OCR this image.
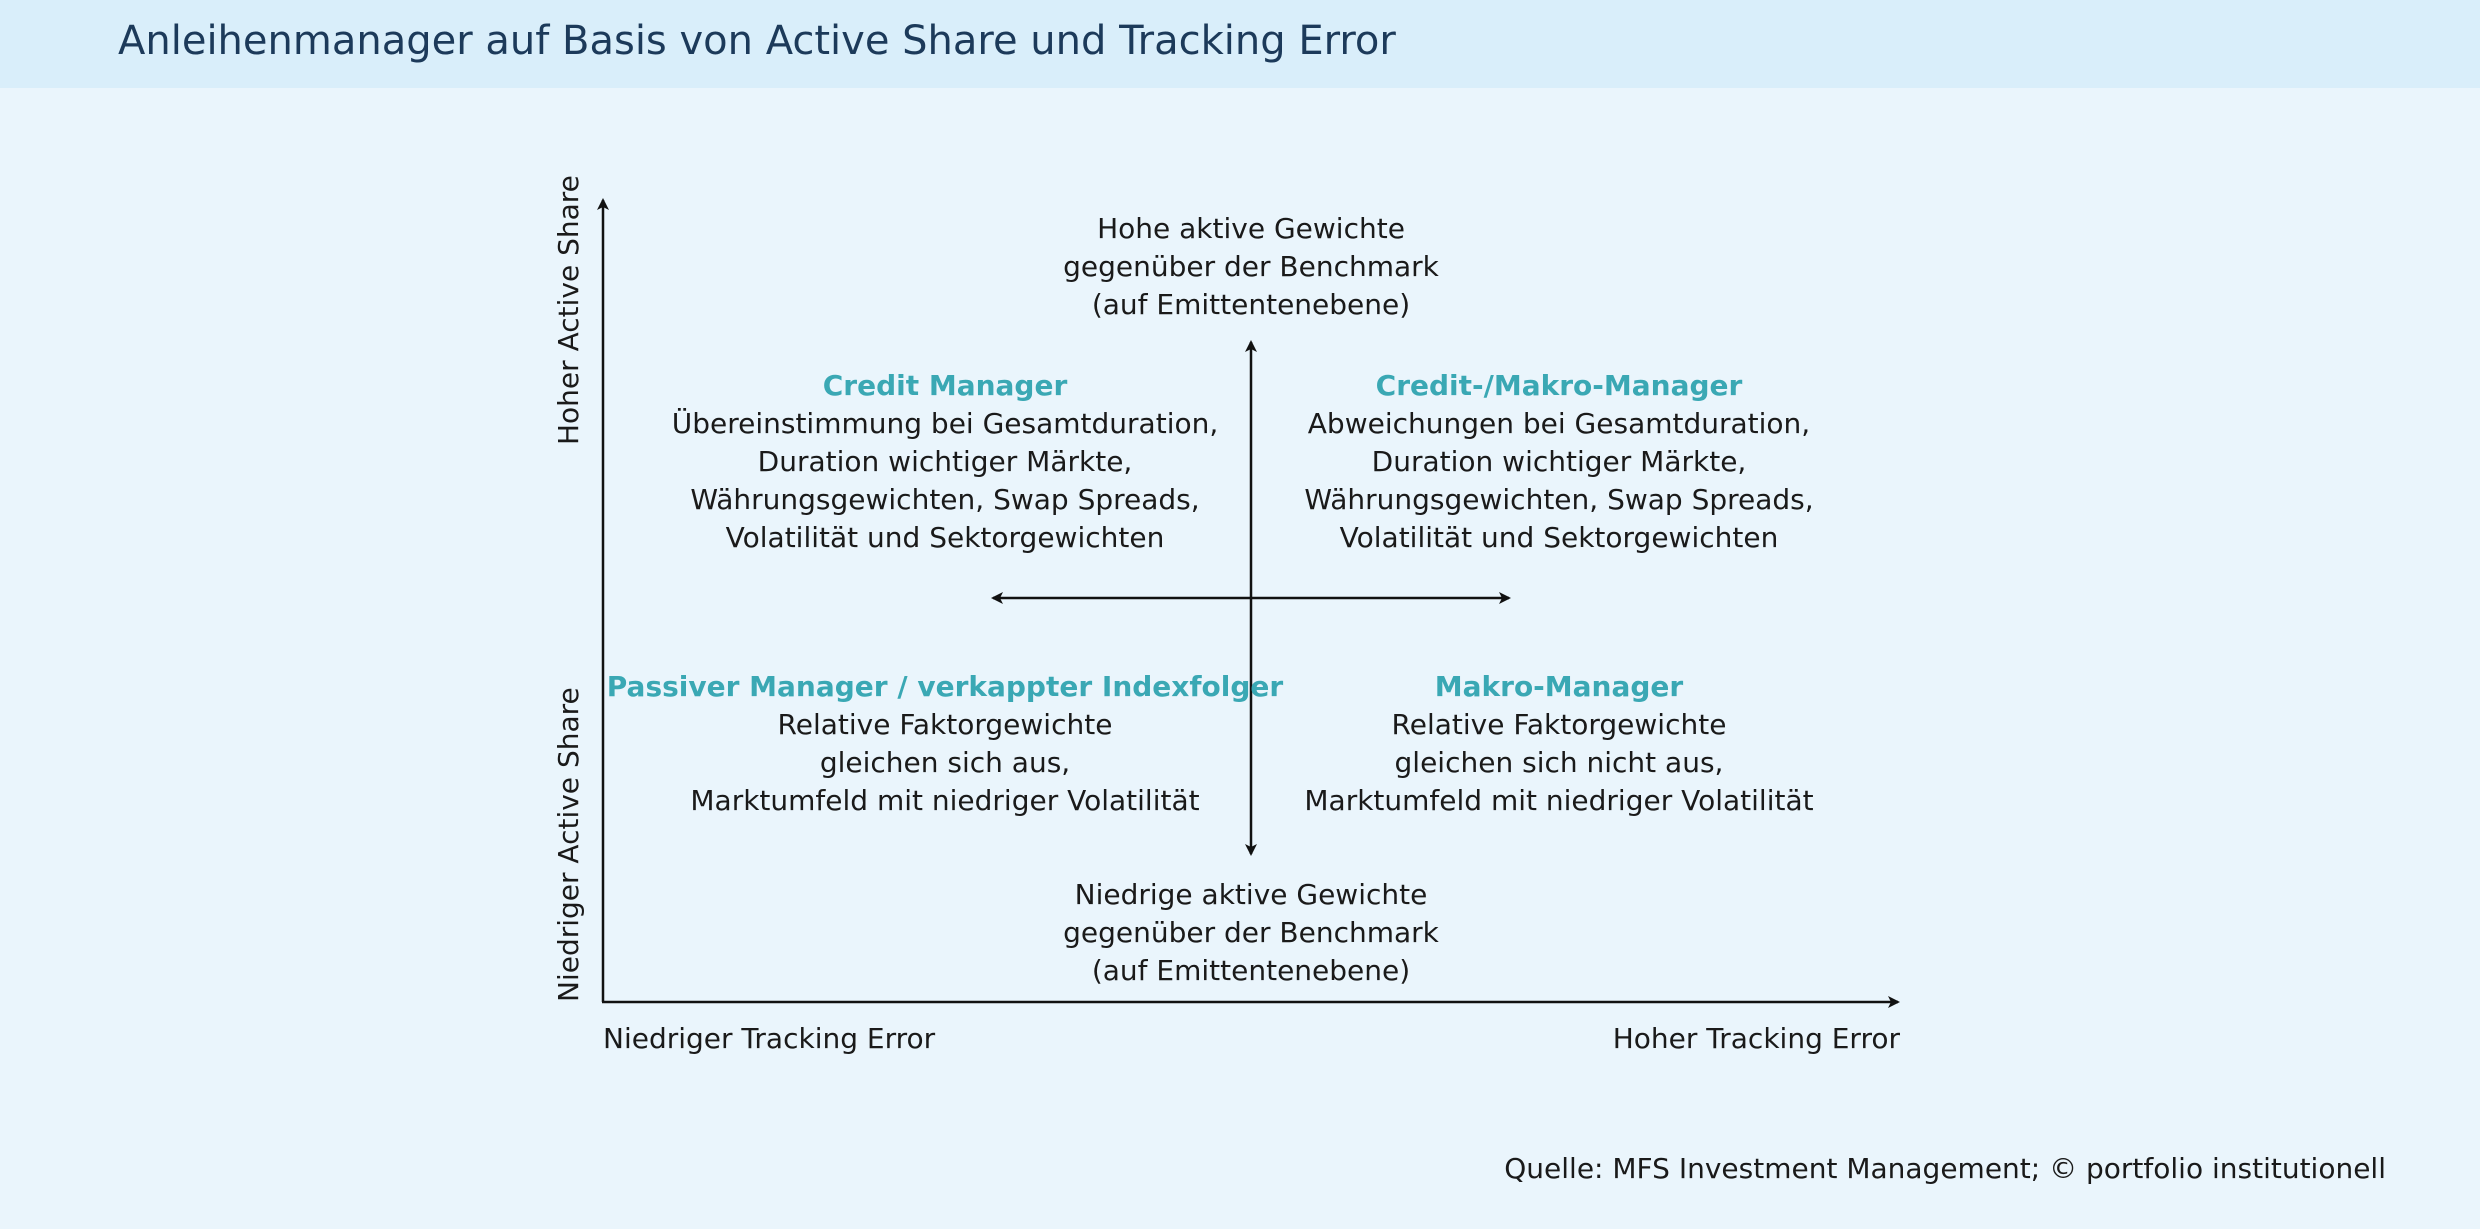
Anleihenmanager auf Basis von Active Share und Tracking Error
Hoher Active Share
Niedriger Active Share
Niedriger Tracking Error	Hoher Tracking Error
Hohe aktive Gewichte
gegenüber der Benchmark
(auf Emittentenebene)
Niedrige aktive Gewichte
gegenüber der Benchmark
(auf Emittentenebene)
Credit Manager
Übereinstimmung bei Gesamtduration,
Duration wichtiger Märkte,
Währungsgewichten, Swap Spreads,
Volatilität und Sektorgewichten
Credit-/Makro-Manager
Abweichungen bei Gesamtduration,
Duration wichtiger Märkte,
Währungsgewichten, Swap Spreads,
Volatilität und Sektorgewichten
Passiver Manager / verkappter Indexfolger
Relative Faktorgewichte
gleichen sich aus,
Marktumfeld mit niedriger Volatilität
Makro-Manager
Relative Faktorgewichte
gleichen sich nicht aus,
Marktumfeld mit niedriger Volatilität
Quelle: MFS Investment Management; © portfolio institutionell
